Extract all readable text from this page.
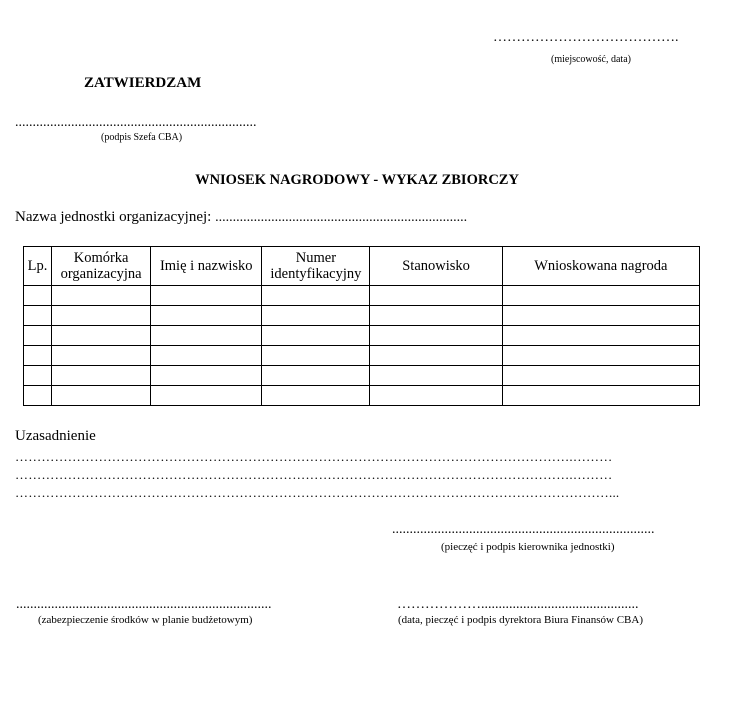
………………………………….
(miejscowość, data)
ZATWIERDZAM
.....................................................................
(podpis Szefa CBA)
WNIOSEK NAGRODOWY - WYKAZ ZBIORCZY
Nazwa jednostki organizacyjnej: ........................................................................
Lp.	Komórka organizacyjna	Imię i nazwisko	Numer identyfikacyjny	Stanowisko	Wnioskowana nagroda

Uzasadnienie
……………………………………………………………………………………………………………….………
……………………………………………………………………………………………………………….………
………………………………………………………………………………………………………………………...
...........................................................................
(pieczęć i podpis kierownika jednostki)
.........................................................................
(zabezpieczenie środków w planie budżetowym)
……………….............................................
(data, pieczęć i podpis dyrektora Biura Finansów CBA)
